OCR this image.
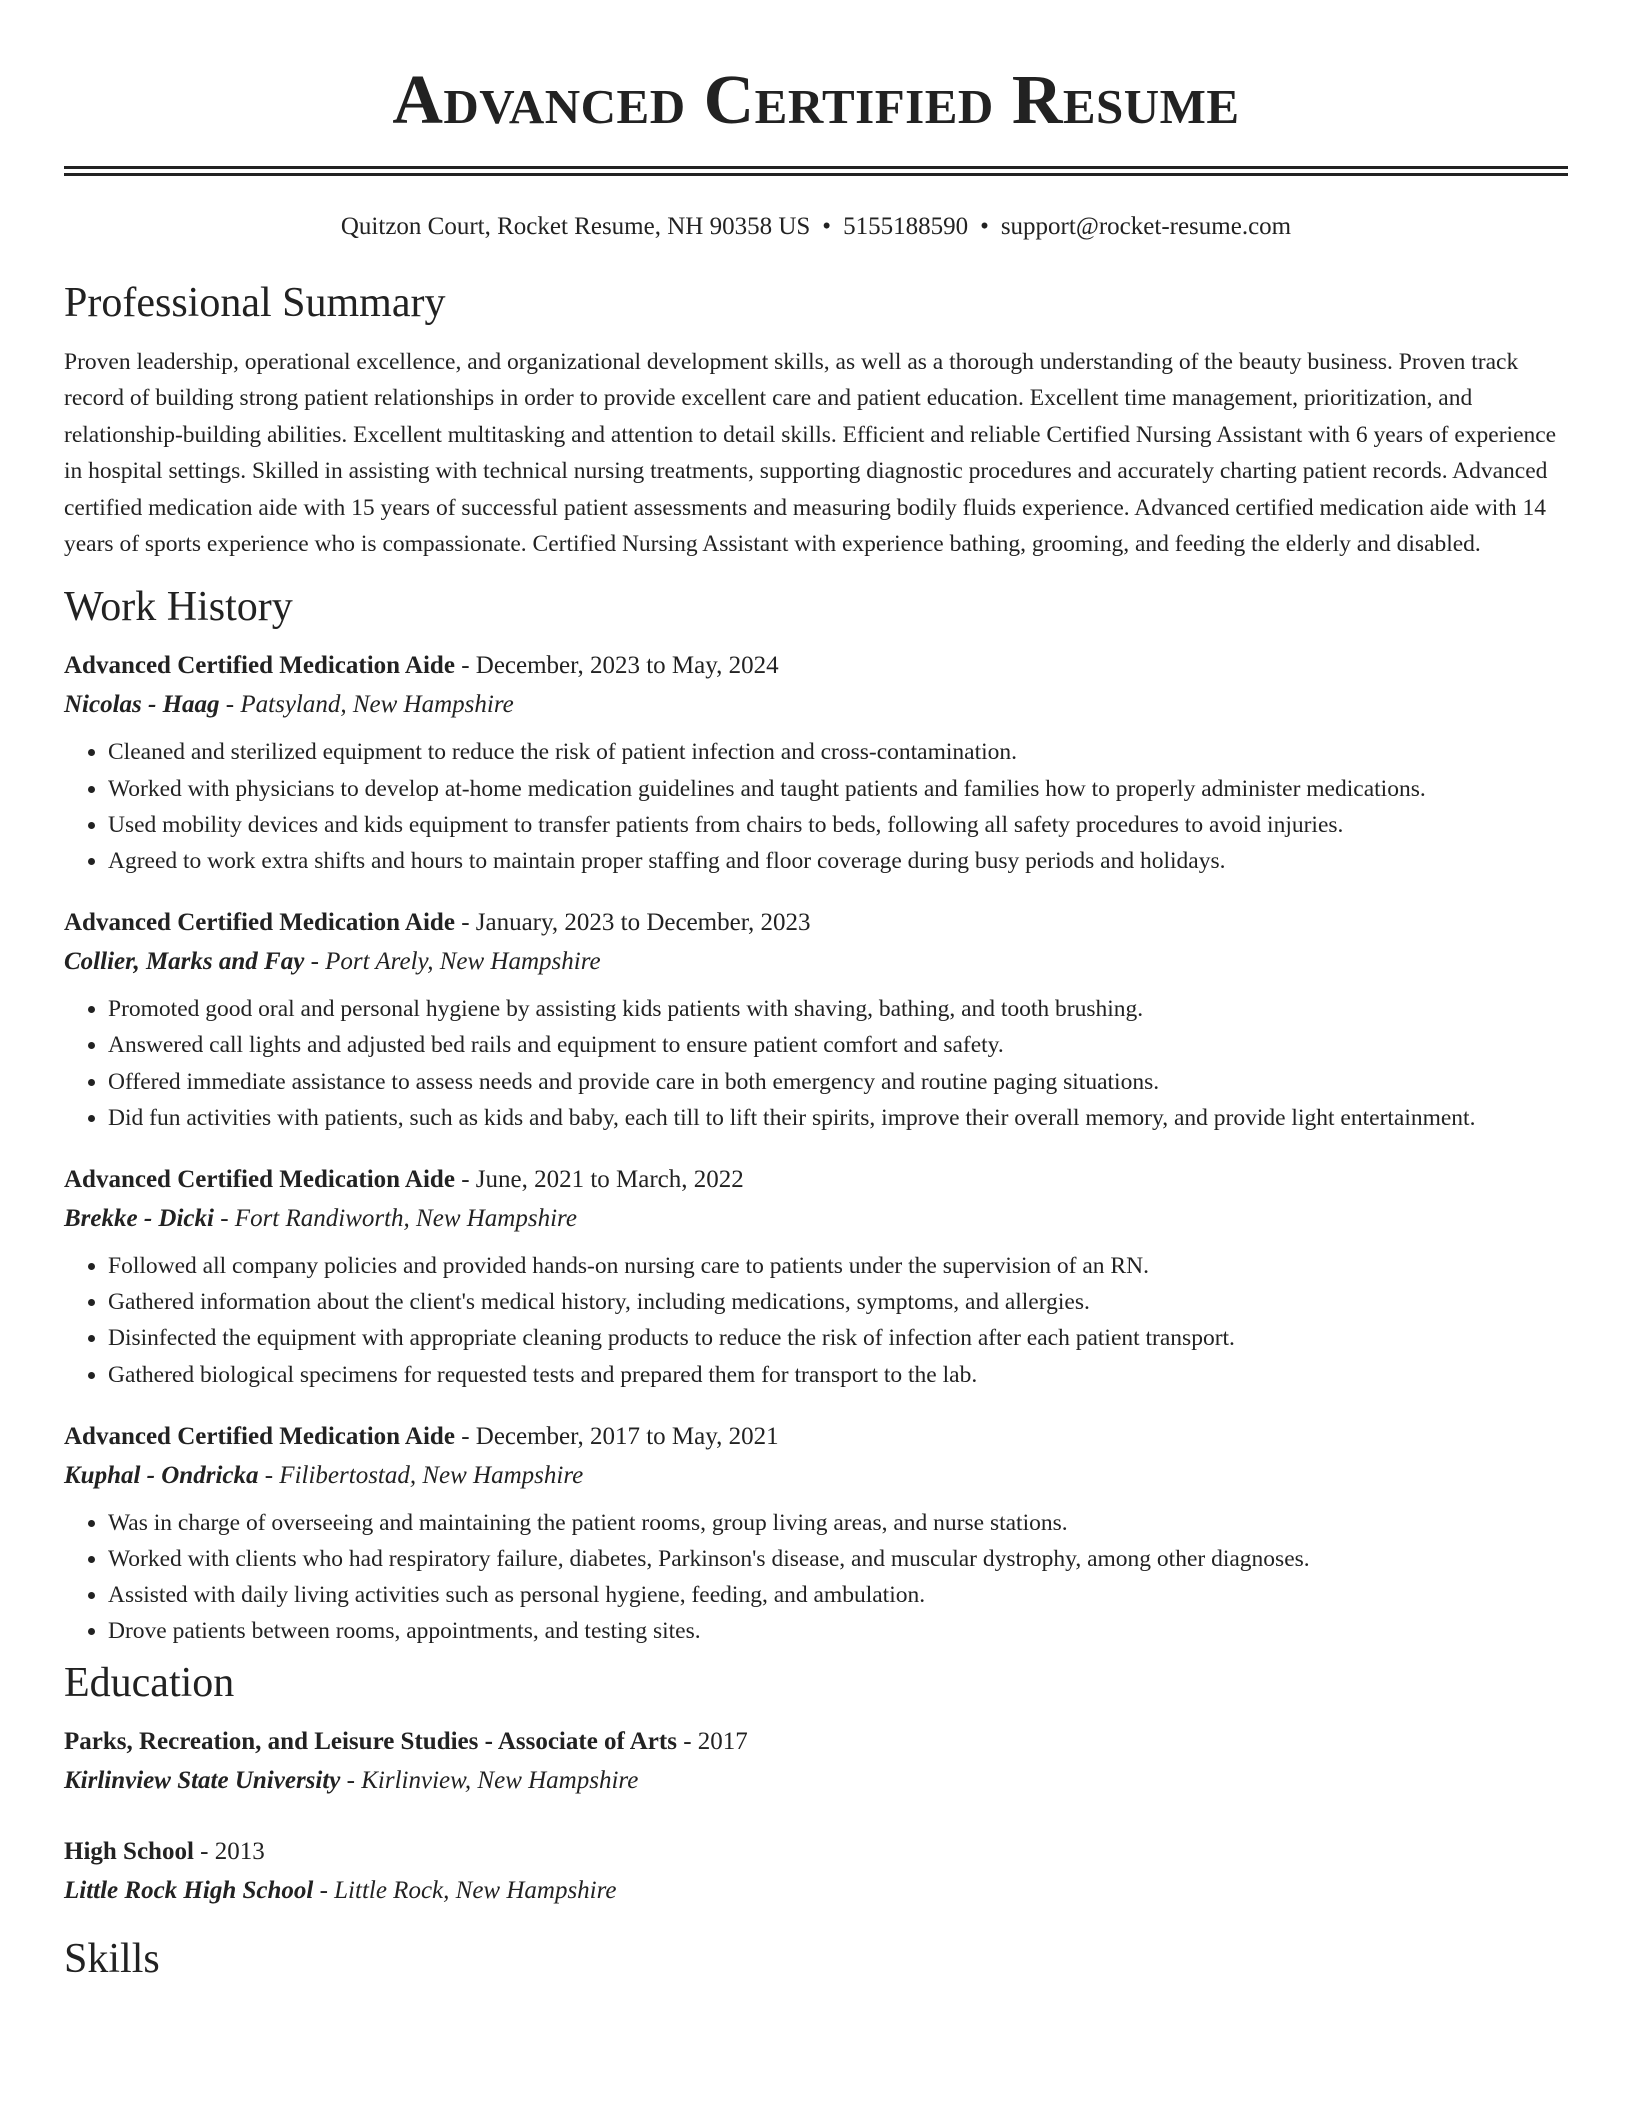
Advanced Certified Resume
Quitzon Court, Rocket Resume, NH 90358 US • 5155188590 • support@rocket-resume.com
Professional Summary
Proven leadership, operational excellence, and organizational development skills, as well as a thorough understanding of the beauty business. Proven track record of building strong patient relationships in order to provide excellent care and patient education. Excellent time management, prioritization, and relationship-building abilities. Excellent multitasking and attention to detail skills. Efficient and reliable Certified Nursing Assistant with 6 years of experience in hospital settings. Skilled in assisting with technical nursing treatments, supporting diagnostic procedures and accurately charting patient records. Advanced certified medication aide with 15 years of successful patient assessments and measuring bodily fluids experience. Advanced certified medication aide with 14 years of sports experience who is compassionate. Certified Nursing Assistant with experience bathing, grooming, and feeding the elderly and disabled.
Work History
Advanced Certified Medication Aide - December, 2023 to May, 2024
Nicolas - Haag - Patsyland, New Hampshire
• Cleaned and sterilized equipment to reduce the risk of patient infection and cross-contamination.
• Worked with physicians to develop at-home medication guidelines and taught patients and families how to properly administer medications.
• Used mobility devices and kids equipment to transfer patients from chairs to beds, following all safety procedures to avoid injuries.
• Agreed to work extra shifts and hours to maintain proper staffing and floor coverage during busy periods and holidays.
Advanced Certified Medication Aide - January, 2023 to December, 2023
Collier, Marks and Fay - Port Arely, New Hampshire
• Promoted good oral and personal hygiene by assisting kids patients with shaving, bathing, and tooth brushing.
• Answered call lights and adjusted bed rails and equipment to ensure patient comfort and safety.
• Offered immediate assistance to assess needs and provide care in both emergency and routine paging situations.
• Did fun activities with patients, such as kids and baby, each till to lift their spirits, improve their overall memory, and provide light entertainment.
Advanced Certified Medication Aide - June, 2021 to March, 2022
Brekke - Dicki - Fort Randiworth, New Hampshire
• Followed all company policies and provided hands-on nursing care to patients under the supervision of an RN.
• Gathered information about the client's medical history, including medications, symptoms, and allergies.
• Disinfected the equipment with appropriate cleaning products to reduce the risk of infection after each patient transport.
• Gathered biological specimens for requested tests and prepared them for transport to the lab.
Advanced Certified Medication Aide - December, 2017 to May, 2021
Kuphal - Ondricka - Filibertostad, New Hampshire
• Was in charge of overseeing and maintaining the patient rooms, group living areas, and nurse stations.
• Worked with clients who had respiratory failure, diabetes, Parkinson's disease, and muscular dystrophy, among other diagnoses.
• Assisted with daily living activities such as personal hygiene, feeding, and ambulation.
• Drove patients between rooms, appointments, and testing sites.
Education
Parks, Recreation, and Leisure Studies - Associate of Arts - 2017
Kirlinview State University - Kirlinview, New Hampshire
High School - 2013
Little Rock High School - Little Rock, New Hampshire
Skills
